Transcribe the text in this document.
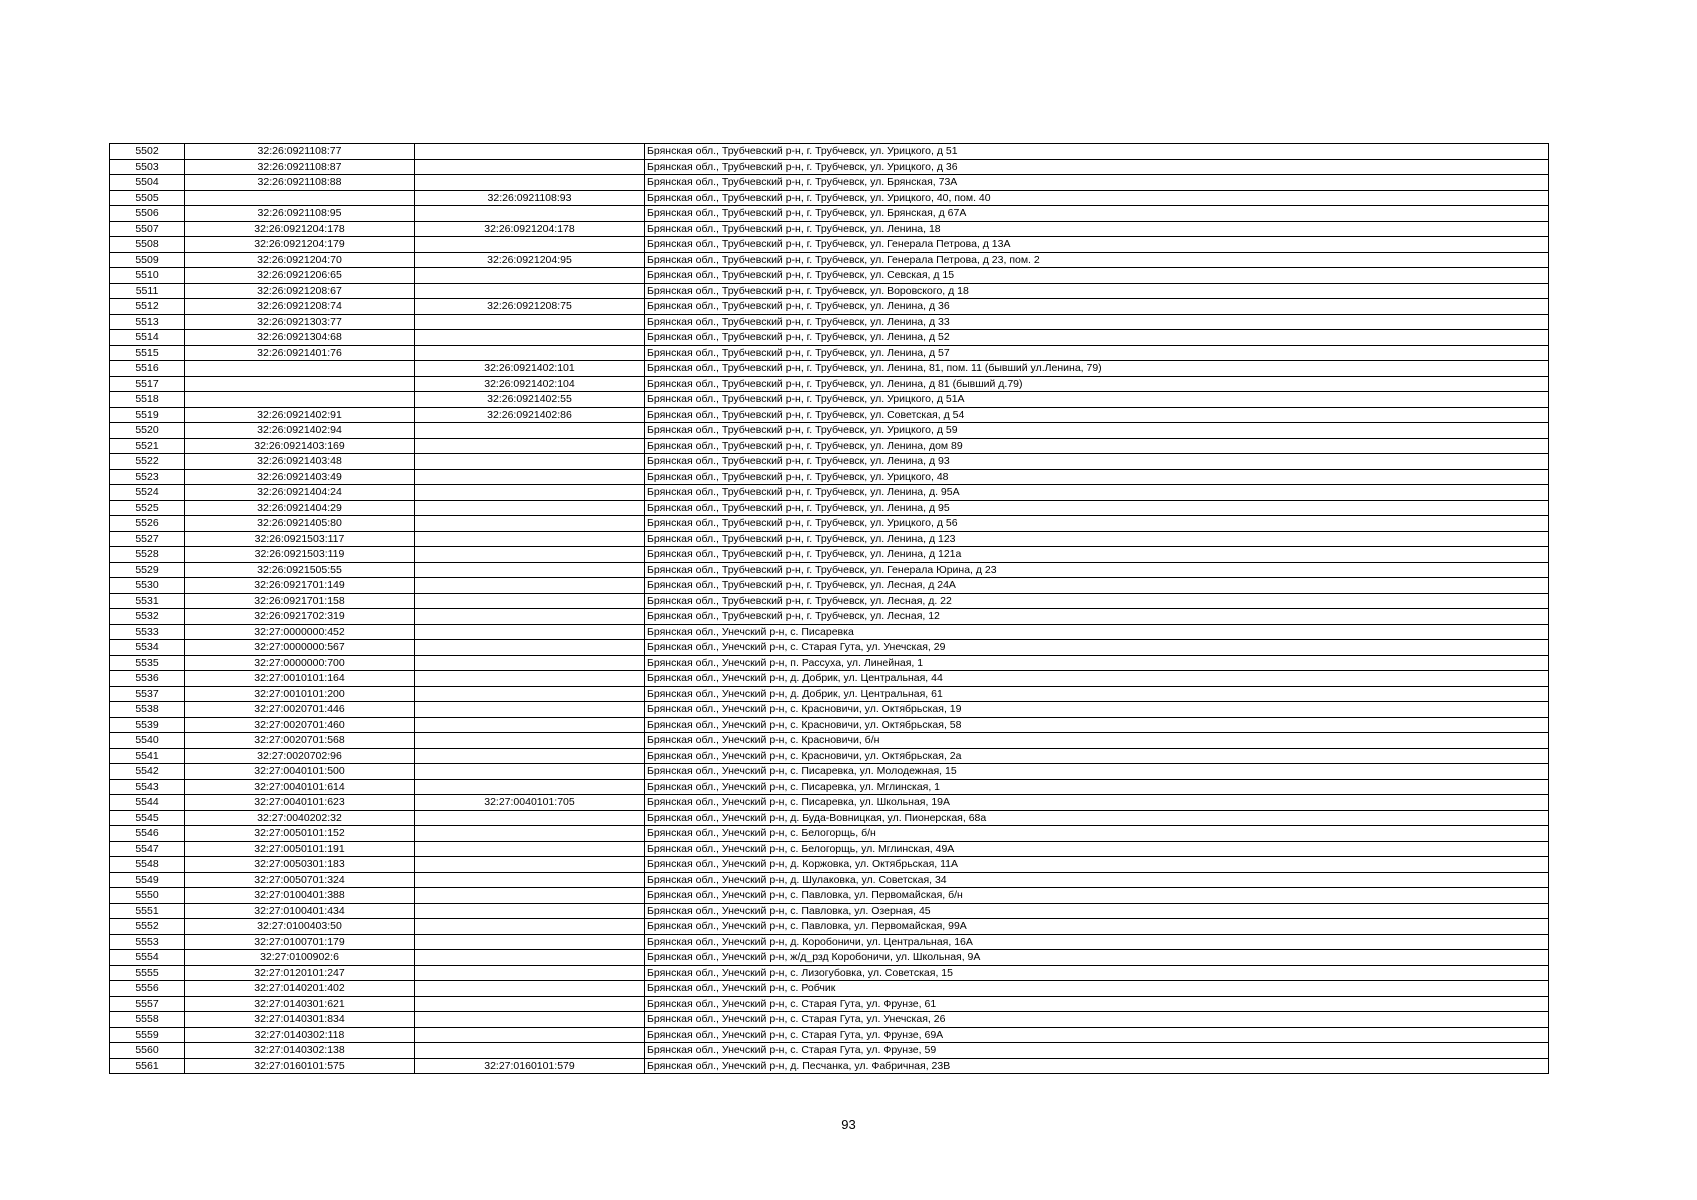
5502	32:26:0921108:77		Брянская обл., Трубчевский р-н, г. Трубчевск, ул. Урицкого, д 51
5503	32:26:0921108:87		Брянская обл., Трубчевский р-н, г. Трубчевск, ул. Урицкого, д 36
5504	32:26:0921108:88		Брянская обл., Трубчевский р-н, г. Трубчевск, ул. Брянская, 73А
5505		32:26:0921108:93	Брянская обл., Трубчевский р-н, г. Трубчевск, ул. Урицкого, 40, пом. 40
5506	32:26:0921108:95		Брянская обл., Трубчевский р-н, г. Трубчевск, ул. Брянская, д 67А
5507	32:26:0921204:178	32:26:0921204:178	Брянская обл., Трубчевский р-н, г. Трубчевск, ул. Ленина, 18
5508	32:26:0921204:179		Брянская обл., Трубчевский р-н, г. Трубчевск, ул. Генерала Петрова, д 13А
5509	32:26:0921204:70	32:26:0921204:95	Брянская обл., Трубчевский р-н, г. Трубчевск, ул. Генерала Петрова, д 23, пом. 2
5510	32:26:0921206:65		Брянская обл., Трубчевский р-н, г. Трубчевск, ул. Севская, д 15
5511	32:26:0921208:67		Брянская обл., Трубчевский р-н, г. Трубчевск, ул. Воровского, д 18
5512	32:26:0921208:74	32:26:0921208:75	Брянская обл., Трубчевский р-н, г. Трубчевск, ул. Ленина, д 36
5513	32:26:0921303:77		Брянская обл., Трубчевский р-н, г. Трубчевск, ул. Ленина, д 33
5514	32:26:0921304:68		Брянская обл., Трубчевский р-н, г. Трубчевск, ул. Ленина, д 52
5515	32:26:0921401:76		Брянская обл., Трубчевский р-н, г. Трубчевск, ул. Ленина, д 57
5516		32:26:0921402:101	Брянская обл., Трубчевский р-н, г. Трубчевск, ул. Ленина, 81, пом. 11 (бывший ул.Ленина, 79)
5517		32:26:0921402:104	Брянская обл., Трубчевский р-н, г. Трубчевск, ул. Ленина, д 81 (бывший д.79)
5518		32:26:0921402:55	Брянская обл., Трубчевский р-н, г. Трубчевск, ул. Урицкого, д 51А
5519	32:26:0921402:91	32:26:0921402:86	Брянская обл., Трубчевский р-н, г. Трубчевск, ул. Советская, д 54
5520	32:26:0921402:94		Брянская обл., Трубчевский р-н, г. Трубчевск, ул. Урицкого, д 59
5521	32:26:0921403:169		Брянская обл., Трубчевский р-н, г. Трубчевск, ул. Ленина, дом 89
5522	32:26:0921403:48		Брянская обл., Трубчевский р-н, г. Трубчевск, ул. Ленина, д 93
5523	32:26:0921403:49		Брянская обл., Трубчевский р-н, г. Трубчевск, ул. Урицкого, 48
5524	32:26:0921404:24		Брянская обл., Трубчевский р-н, г. Трубчевск, ул. Ленина, д. 95А
5525	32:26:0921404:29		Брянская обл., Трубчевский р-н, г. Трубчевск, ул. Ленина, д 95
5526	32:26:0921405:80		Брянская обл., Трубчевский р-н, г. Трубчевск, ул. Урицкого, д 56
5527	32:26:0921503:117		Брянская обл., Трубчевский р-н, г. Трубчевск, ул. Ленина, д 123
5528	32:26:0921503:119		Брянская обл., Трубчевский р-н, г. Трубчевск, ул. Ленина, д 121а
5529	32:26:0921505:55		Брянская обл., Трубчевский р-н, г. Трубчевск, ул. Генерала Юрина, д 23
5530	32:26:0921701:149		Брянская обл., Трубчевский р-н, г. Трубчевск, ул. Лесная, д 24А
5531	32:26:0921701:158		Брянская обл., Трубчевский р-н, г. Трубчевск, ул. Лесная, д. 22
5532	32:26:0921702:319		Брянская обл., Трубчевский р-н, г. Трубчевск, ул. Лесная, 12
5533	32:27:0000000:452		Брянская обл., Унечский р-н, с. Писаревка
5534	32:27:0000000:567		Брянская обл., Унечский р-н, с. Старая Гута, ул. Унечская, 29
5535	32:27:0000000:700		Брянская обл., Унечский р-н, п. Рассуха, ул. Линейная, 1
5536	32:27:0010101:164		Брянская обл., Унечский р-н, д. Добрик, ул. Центральная, 44
5537	32:27:0010101:200		Брянская обл., Унечский р-н, д. Добрик, ул. Центральная, 61
5538	32:27:0020701:446		Брянская обл., Унечский р-н, с. Красновичи, ул. Октябрьская, 19
5539	32:27:0020701:460		Брянская обл., Унечский р-н, с. Красновичи, ул. Октябрьская, 58
5540	32:27:0020701:568		Брянская обл., Унечский р-н, с. Красновичи, б/н
5541	32:27:0020702:96		Брянская обл., Унечский р-н, с. Красновичи, ул. Октябрьская, 2а
5542	32:27:0040101:500		Брянская обл., Унечский р-н, с. Писаревка, ул. Молодежная, 15
5543	32:27:0040101:614		Брянская обл., Унечский р-н, с. Писаревка, ул. Мглинская, 1
5544	32:27:0040101:623	32:27:0040101:705	Брянская обл., Унечский р-н, с. Писаревка, ул. Школьная, 19А
5545	32:27:0040202:32		Брянская обл., Унечский р-н, д. Буда-Вовницкая, ул. Пионерская, 68а
5546	32:27:0050101:152		Брянская обл., Унечский р-н, с. Белогорщь, б/н
5547	32:27:0050101:191		Брянская обл., Унечский р-н, с. Белогорщь, ул. Мглинская, 49А
5548	32:27:0050301:183		Брянская обл., Унечский р-н, д. Коржовка, ул. Октябрьская, 11А
5549	32:27:0050701:324		Брянская обл., Унечский р-н, д. Шулаковка, ул. Советская, 34
5550	32:27:0100401:388		Брянская обл., Унечский р-н, с. Павловка, ул. Первомайская, б/н
5551	32:27:0100401:434		Брянская обл., Унечский р-н, с. Павловка, ул. Озерная, 45
5552	32:27:0100403:50		Брянская обл., Унечский р-н, с. Павловка, ул. Первомайская, 99А
5553	32:27:0100701:179		Брянская обл., Унечский р-н, д. Коробоничи, ул. Центральная, 16А
5554	32:27:0100902:6		Брянская обл., Унечский р-н, ж/д_рзд Коробоничи, ул. Школьная, 9А
5555	32:27:0120101:247		Брянская обл., Унечский р-н, с. Лизогубовка, ул. Советская, 15
5556	32:27:0140201:402		Брянская обл., Унечский р-н, с. Робчик
5557	32:27:0140301:621		Брянская обл., Унечский р-н, с. Старая Гута, ул. Фрунзе, 61
5558	32:27:0140301:834		Брянская обл., Унечский р-н, с. Старая Гута, ул. Унечская, 26
5559	32:27:0140302:118		Брянская обл., Унечский р-н, с. Старая Гута, ул. Фрунзе, 69А
5560	32:27:0140302:138		Брянская обл., Унечский р-н, с. Старая Гута, ул. Фрунзе, 59
5561	32:27:0160101:575	32:27:0160101:579	Брянская обл., Унечский р-н, д. Песчанка, ул. Фабричная, 23В
93
